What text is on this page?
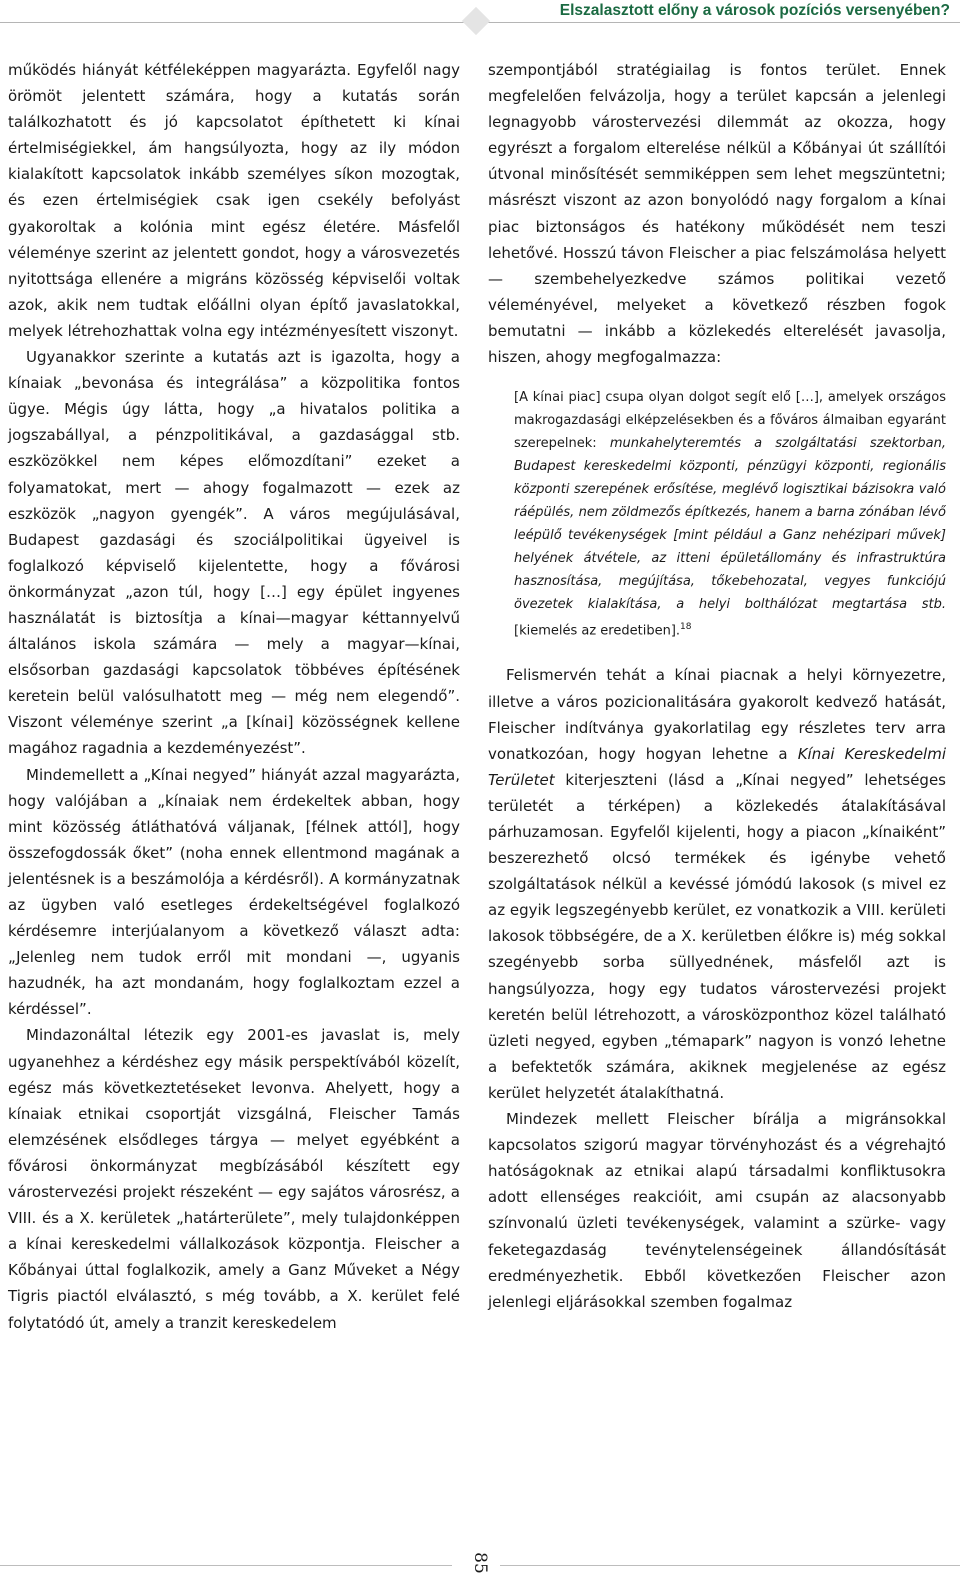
Elszalasztott előny a városok pozíciós versenyében?

működés hiányát kétféleképpen magyarázta. Egyfelől nagy örömöt jelentett számára, hogy a kutatás során találkozhatott és jó kapcsolatot építhetett ki kínai értelmiségiekkel, ám hangsúlyozta, hogy az ily módon kialakított kapcsolatok inkább személyes síkon mozogtak, és ezen értelmiségiek csak igen csekély befolyást gyakoroltak a kolónia mint egész életére. Másfelől véleménye szerint az jelentett gondot, hogy a városvezetés nyitottsága ellenére a migráns közösség képviselői voltak azok, akik nem tudtak előállni olyan építő javaslatokkal, melyek létrehozhattak volna egy intézményesített viszonyt.

Ugyanakkor szerinte a kutatás azt is igazolta, hogy a kínaiak „bevonása és integrálása” a közpolitika fontos ügye. Mégis úgy látta, hogy „a hivatalos politika a jogszabállyal, a pénzpolitikával, a gazdasággal stb. eszközökkel nem képes előmozdítani” ezeket a folyamatokat, mert — ahogy fogalmazott — ezek az eszközök „nagyon gyengék”. A város megújulásával, Budapest gazdasági és szociálpolitikai ügyeivel is foglalkozó képviselő kijelentette, hogy a fővárosi önkormányzat „azon túl, hogy […] egy épület ingyenes használatát is biztosítja a kínai—magyar kéttannyelvű általános iskola számára — mely a magyar—kínai, elsősorban gazdasági kapcsolatok többéves építésének keretein belül valósulhatott meg — még nem elegendő”. Viszont véleménye szerint „a [kínai] közösségnek kellene magához ragadnia a kezdeményezést”.

Mindemellett a „Kínai negyed” hiányát azzal magyarázta, hogy valójában a „kínaiak nem érdekeltek abban, hogy mint közösség átláthatóvá váljanak, [félnek attól], hogy összefogdossák őket” (noha ennek ellentmond magának a jelentésnek is a beszámolója a kérdésről). A kormányzatnak az ügyben való esetleges érdekeltségével foglalkozó kérdésemre interjúalanyom a következő választ adta: „Jelenleg nem tudok erről mit mondani —, ugyanis hazudnék, ha azt mondanám, hogy foglalkoztam ezzel a kérdéssel”.

Mindazonáltal létezik egy 2001-es javaslat is, mely ugyanehhez a kérdéshez egy másik perspektívából közelít, egész más következtetéseket levonva. Ahelyett, hogy a kínaiak etnikai csoportját vizsgálná, Fleischer Tamás elemzésének elsődleges tárgya — melyet egyébként a fővárosi önkormányzat megbízásából készített egy várostervezési projekt részeként — egy sajátos városrész, a VIII. és a X. kerületek „határterülete”, mely tulajdonképpen a kínai kereskedelmi vállalkozások központja. Fleischer a Kőbányai úttal foglalkozik, amely a Ganz Műveket a Négy Tigris piactól elválasztó, s még tovább, a X. kerület felé folytatódó út, amely a tranzit kereskedelem

szempontjából stratégiailag is fontos terület. Ennek megfelelően felvázolja, hogy a terület kapcsán a jelenlegi legnagyobb várostervezési dilemmát az okozza, hogy egyrészt a forgalom elterelése nélkül a Kőbányai út szállítói útvonal minősítését semmiképpen sem lehet megszüntetni; másrészt viszont az azon bonyolódó nagy forgalom a kínai piac biztonságos és hatékony működését nem teszi lehetővé. Hosszú távon Fleischer a piac felszámolása helyett — szembehelyezkedve számos politikai vezető véleményével, melyeket a következő részben fogok bemutatni — inkább a közlekedés elterelését javasolja, hiszen, ahogy megfogalmazza:

[A kínai piac] csupa olyan dolgot segít elő […], amelyek országos makrogazdasági elképzelésekben és a főváros álmaiban egyaránt szerepelnek: munkahelyteremtés a szolgáltatási szektorban, Budapest kereskedelmi központi, pénzügyi központi, regionális központi szerepének erősítése, meglévő logisztikai bázisokra való ráépülés, nem zöldmezős építkezés, hanem a barna zónában lévő leépülő tevékenységek [mint például a Ganz nehézipari művek] helyének átvétele, az itteni épületállomány és infrastruktúra hasznosítása, megújítása, tőkebehozatal, vegyes funkciójú övezetek kialakítása, a helyi bolthálózat megtartása stb. [kiemelés az eredetiben].$^{18}$

Felismervén tehát a kínai piacnak a helyi környezetre, illetve a város pozicionalitására gyakorolt kedvező hatását, Fleischer indítványa gyakorlatilag egy részletes terv arra vonatkozóan, hogy hogyan lehetne a Kínai Kereskedelmi Területet kiterjeszteni (lásd a „Kínai negyed” lehetséges területét a térképen) a közlekedés átalakításával párhuzamosan. Egyfelől kijelenti, hogy a piacon „kínaiként” beszerezhető olcsó termékek és igénybe vehető szolgáltatások nélkül a kevéssé jómódú lakosok (s mivel ez az egyik legszegényebb kerület, ez vonatkozik a VIII. kerületi lakosok többségére, de a X. kerületben élőkre is) még sokkal szegényebb sorba süllyednének, másfelől azt is hangsúlyozza, hogy egy tudatos várostervezési projekt keretén belül létrehozott, a városközponthoz közel található üzleti negyed, egyben „témapark” nagyon is vonzó lehetne a befektetők számára, akiknek megjelenése az egész kerület helyzetét átalakíthatná.

Mindezek mellett Fleischer bírálja a migránsokkal kapcsolatos szigorú magyar törvényhozást és a végrehajtó hatóságoknak az etnikai alapú társadalmi konfliktusokra adott ellenséges reakcióit, ami csupán az alacsonyabb színvonalú üzleti tevékenységek, valamint a szürke- vagy feketegazdaság tevénytelenségeinek állandósítását eredményezhetik. Ebből következően Fleischer azon jelenlegi eljárásokkal szemben fogalmaz

85
